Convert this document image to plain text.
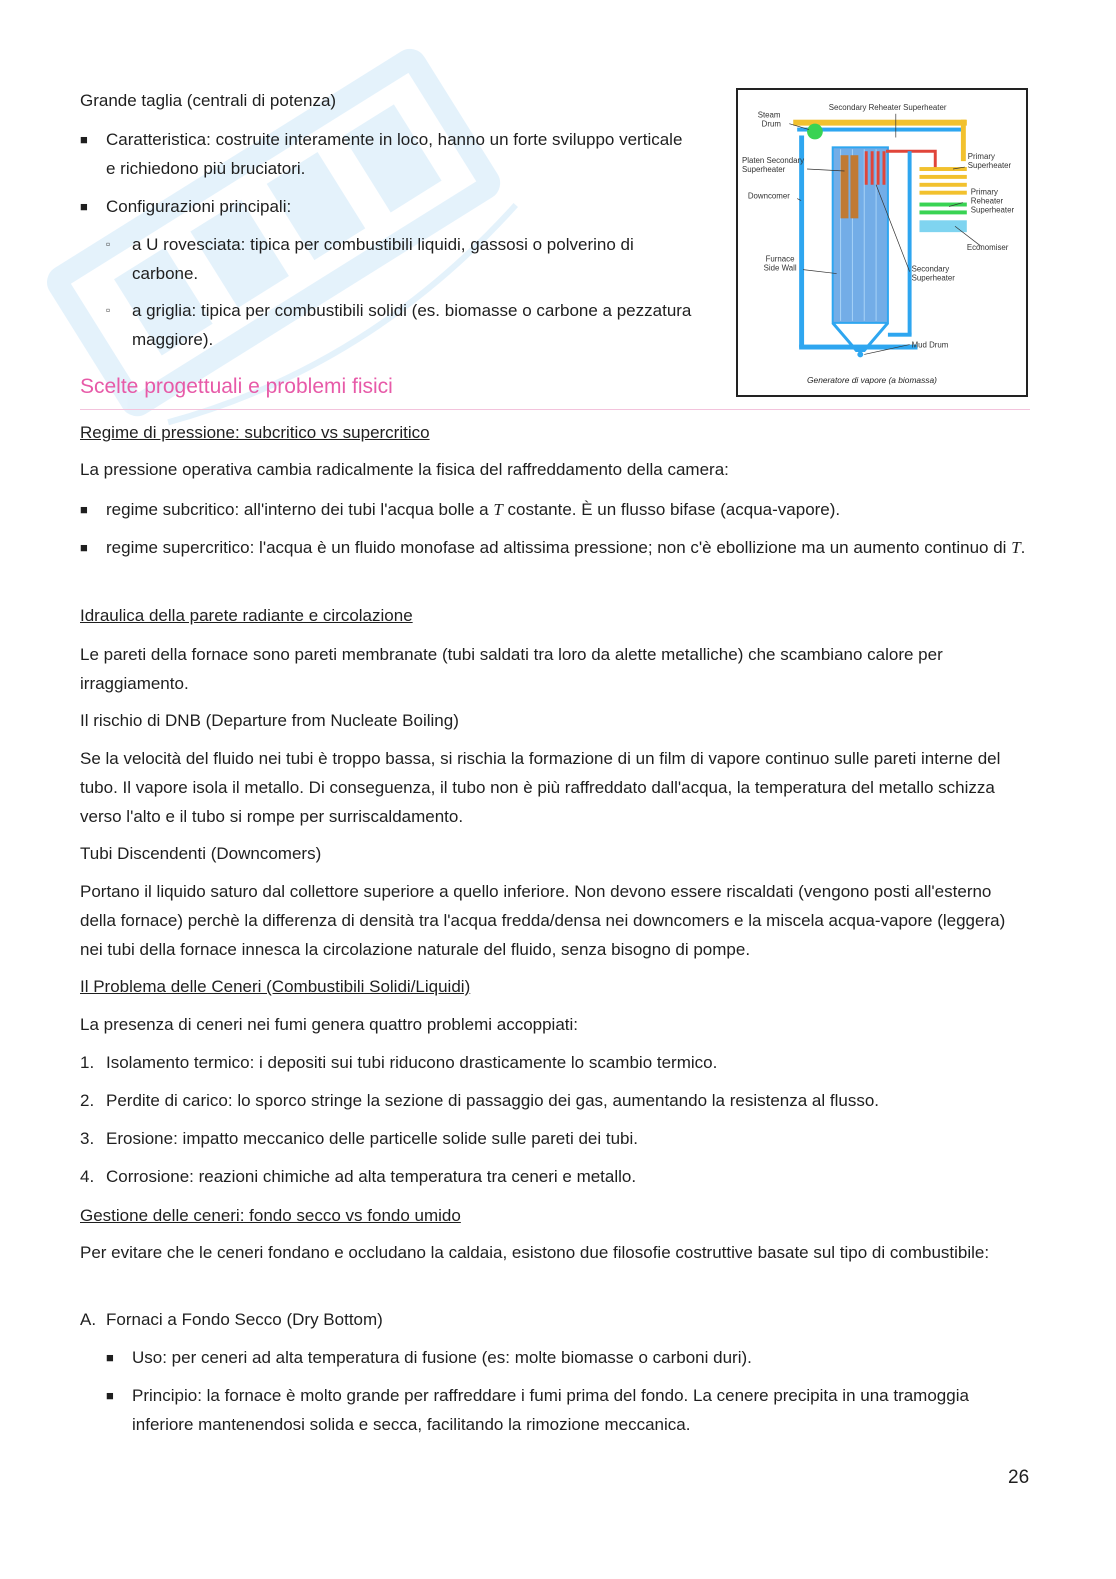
Grande taglia (centrali di potenza)

■ Caratteristica: costruite interamente in loco, hanno un forte sviluppo verticale e richiedono più bruciatori.

■ Configurazioni principali:

▫ a U rovesciata: tipica per combustibili liquidi, gassosi o polverino di carbone.

▫ a griglia: tipica per combustibili solidi (es. biomasse o carbone a pezzatura maggiore).

Secondary Reheater Superheater
Steam Drum
Platen Secondary Superheater
Primary Superheater
Downcomer	Primary Reheater Superheater
Economiser
Furnace Side Wall	Secondary Superheater
Mud Drum
Generatore di vapore (a biomassa)
Scelte progettuali e problemi fisici

Regime di pressione: subcritico vs supercritico

La pressione operativa cambia radicalmente la fisica del raffreddamento della camera:

■ regime subcritico: all'interno dei tubi l'acqua bolle a T costante. È un flusso bifase (acqua-vapore).

■ regime supercritico: l'acqua è un fluido monofase ad altissima pressione; non c'è ebollizione ma un aumento continuo di T.

Idraulica della parete radiante e circolazione

Le pareti della fornace sono pareti membranate (tubi saldati tra loro da alette metalliche) che scambiano calore per irraggiamento.

Il rischio di DNB (Departure from Nucleate Boiling)

Se la velocità del fluido nei tubi è troppo bassa, si rischia la formazione di un film di vapore continuo sulle pareti interne del tubo. Il vapore isola il metallo. Di conseguenza, il tubo non è più raffreddato dall'acqua, la temperatura del metallo schizza verso l'alto e il tubo si rompe per surriscaldamento.

Tubi Discendenti (Downcomers)

Portano il liquido saturo dal collettore superiore a quello inferiore. Non devono essere riscaldati (vengono posti all'esterno della fornace) perchè la differenza di densità tra l'acqua fredda/densa nei downcomers e la miscela acqua-vapore (leggera) nei tubi della fornace innesca la circolazione naturale del fluido, senza bisogno di pompe.

Il Problema delle Ceneri (Combustibili Solidi/Liquidi)

La presenza di ceneri nei fumi genera quattro problemi accoppiati:

1. Isolamento termico: i depositi sui tubi riducono drasticamente lo scambio termico.

2. Perdite di carico: lo sporco stringe la sezione di passaggio dei gas, aumentando la resistenza al flusso.

3. Erosione: impatto meccanico delle particelle solide sulle pareti dei tubi.

4. Corrosione: reazioni chimiche ad alta temperatura tra ceneri e metallo.

Gestione delle ceneri: fondo secco vs fondo umido

Per evitare che le ceneri fondano e occludano la caldaia, esistono due filosofie costruttive basate sul tipo di combustibile:

A. Fornaci a Fondo Secco (Dry Bottom)

■ Uso: per ceneri ad alta temperatura di fusione (es: molte biomasse o carboni duri).

■ Principio: la fornace è molto grande per raffreddare i fumi prima del fondo. La cenere precipita in una tramoggia inferiore mantenendosi solida e secca, facilitando la rimozione meccanica.

26
